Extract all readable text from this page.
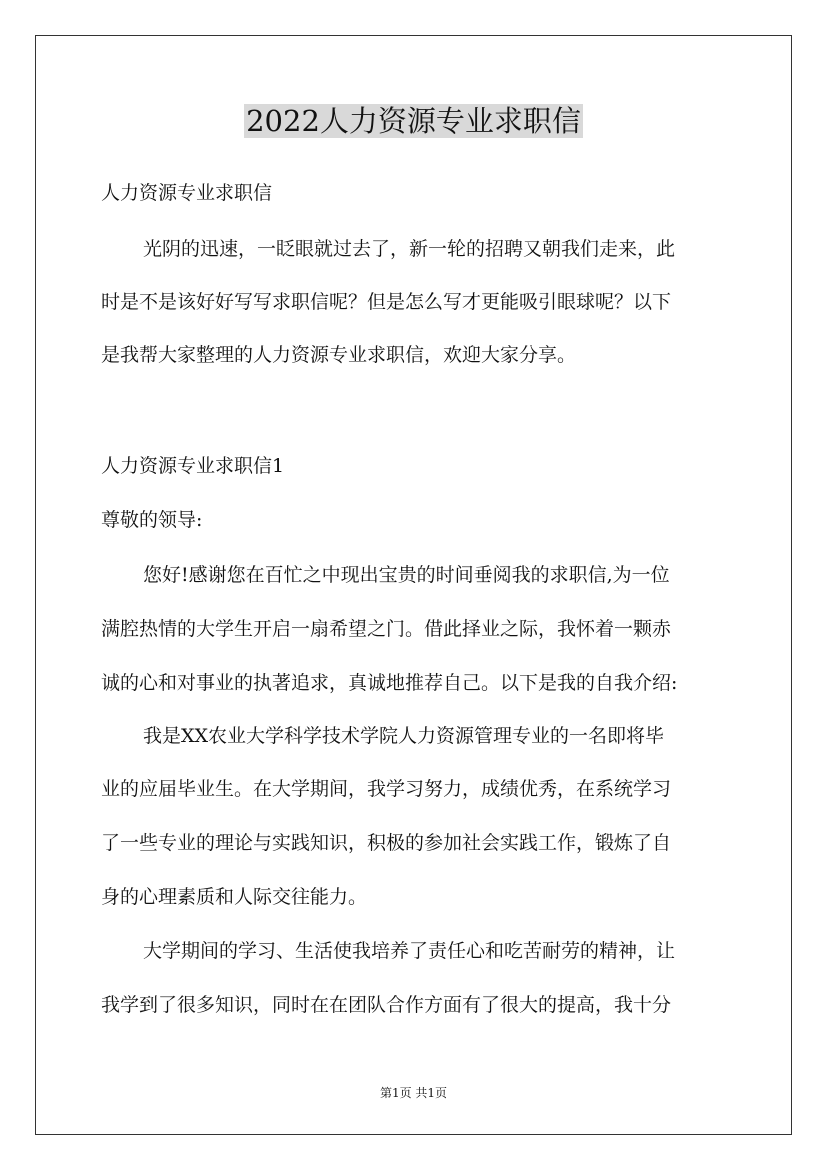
2022人力资源专业求职信
人力资源专业求职信
光阴的迅速，一眨眼就过去了，新一轮的招聘又朝我们走来，此
时是不是该好好写写求职信呢？但是怎么写才更能吸引眼球呢？以下
是我帮大家整理的人力资源专业求职信，欢迎大家分享。
人力资源专业求职信1
尊敬的领导:
您好!感谢您在百忙之中现出宝贵的时间垂阅我的求职信,为一位
满腔热情的大学生开启一扇希望之门。借此择业之际，我怀着一颗赤
诚的心和对事业的执著追求，真诚地推荐自己。以下是我的自我介绍:
我是XX农业大学科学技术学院人力资源管理专业的一名即将毕
业的应届毕业生。在大学期间，我学习努力，成绩优秀，在系统学习
了一些专业的理论与实践知识，积极的参加社会实践工作，锻炼了自
身的心理素质和人际交往能力。
大学期间的学习、生活使我培养了责任心和吃苦耐劳的精神，让
我学到了很多知识，同时在在团队合作方面有了很大的提高，我十分
第1页 共1页
